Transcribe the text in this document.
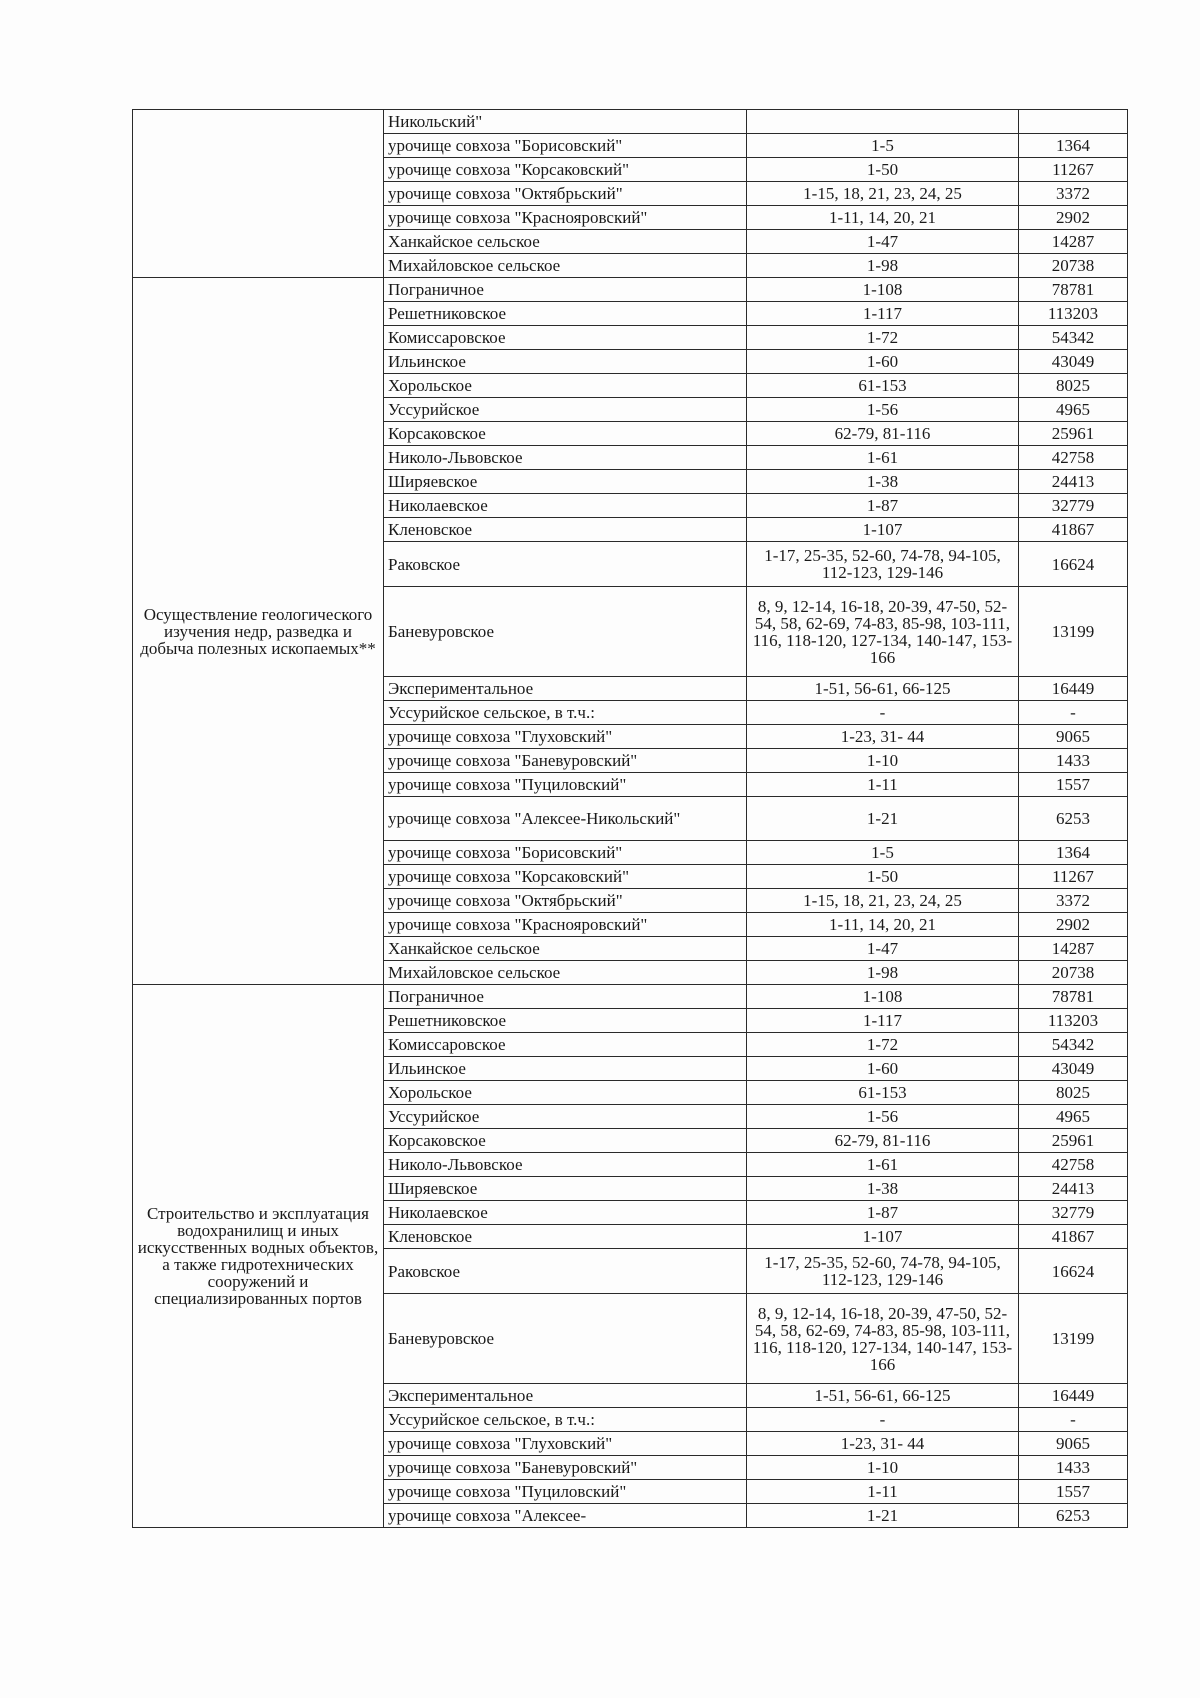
	Никольский"		
	урочище совхоза "Борисовский"	1-5	1364
	урочище совхоза "Корсаковский"	1-50	11267
	урочище совхоза "Октябрьский"	1-15, 18, 21, 23, 24, 25	3372
	урочище совхоза "Краснояровский"	1-11, 14, 20, 21	2902
	Ханкайское сельское	1-47	14287
	Михайловское сельское	1-98	20738
Осуществление геологического изучения недр, разведка и добыча полезных ископаемых**	Пограничное	1-108	78781
	Решетниковское	1-117	113203
	Комиссаровское	1-72	54342
	Ильинское	1-60	43049
	Хорольское	61-153	8025
	Уссурийское	1-56	4965
	Корсаковское	62-79, 81-116	25961
	Николо-Львовское	1-61	42758
	Ширяевское	1-38	24413
	Николаевское	1-87	32779
	Кленовское	1-107	41867
	Раковское	1-17, 25-35, 52-60, 74-78, 94-105, 112-123, 129-146	16624
	Баневуровское	8, 9, 12-14, 16-18, 20-39, 47-50, 52-54, 58, 62-69, 74-83, 85-98, 103-111, 116, 118-120, 127-134, 140-147, 153-166	13199
	Экспериментальное	1-51, 56-61, 66-125	16449
	Уссурийское сельское, в т.ч.:	-	-
	урочище совхоза "Глуховский"	1-23, 31- 44	9065
	урочище совхоза "Баневуровский"	1-10	1433
	урочище совхоза "Пуциловский"	1-11	1557
	урочище совхоза "Алексее-Никольский"	1-21	6253
	урочище совхоза "Борисовский"	1-5	1364
	урочище совхоза "Корсаковский"	1-50	11267
	урочище совхоза "Октябрьский"	1-15, 18, 21, 23, 24, 25	3372
	урочище совхоза "Краснояровский"	1-11, 14, 20, 21	2902
	Ханкайское сельское	1-47	14287
	Михайловское сельское	1-98	20738
Строительство и эксплуатация водохранилищ и иных искусственных водных объектов, а также гидротехнических сооружений и специализированных портов	Пограничное	1-108	78781
	Решетниковское	1-117	113203
	Комиссаровское	1-72	54342
	Ильинское	1-60	43049
	Хорольское	61-153	8025
	Уссурийское	1-56	4965
	Корсаковское	62-79, 81-116	25961
	Николо-Львовское	1-61	42758
	Ширяевское	1-38	24413
	Николаевское	1-87	32779
	Кленовское	1-107	41867
	Раковское	1-17, 25-35, 52-60, 74-78, 94-105, 112-123, 129-146	16624
	Баневуровское	8, 9, 12-14, 16-18, 20-39, 47-50, 52-54, 58, 62-69, 74-83, 85-98, 103-111, 116, 118-120, 127-134, 140-147, 153-166	13199
	Экспериментальное	1-51, 56-61, 66-125	16449
	Уссурийское сельское, в т.ч.:	-	-
	урочище совхоза "Глуховский"	1-23, 31- 44	9065
	урочище совхоза "Баневуровский"	1-10	1433
	урочище совхоза "Пуциловский"	1-11	1557
	урочище совхоза "Алексее-	1-21	6253
